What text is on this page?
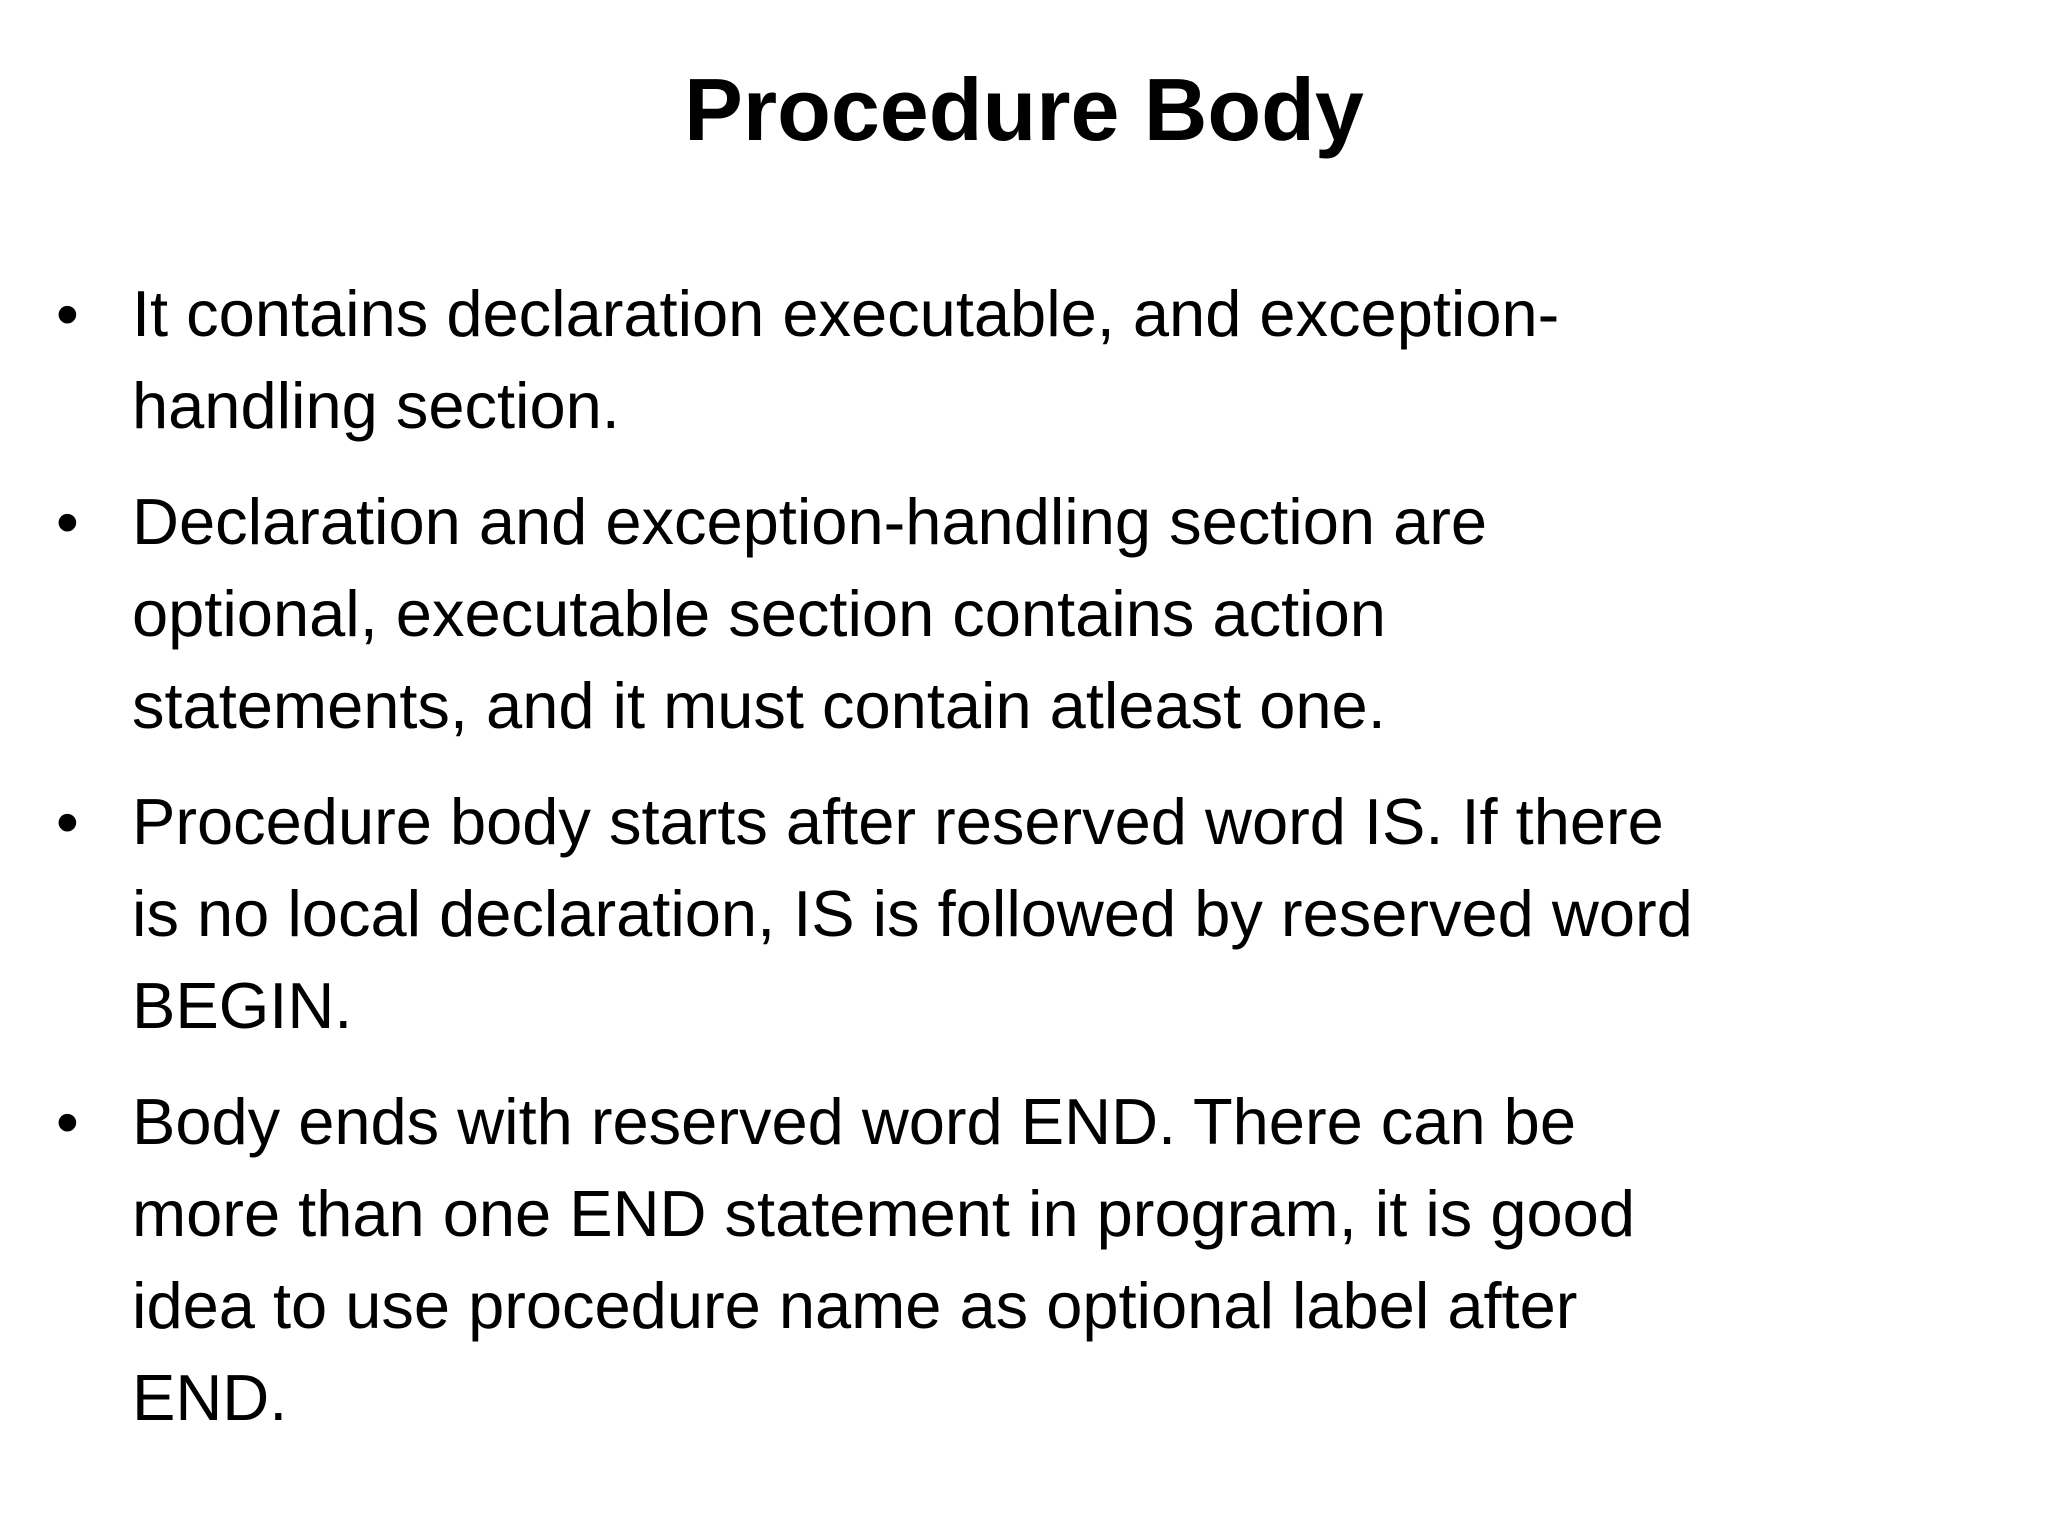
Procedure Body
• It contains declaration executable, and exception-
handling section.
• Declaration and exception-handling section are
optional, executable section contains action
statements, and it must contain atleast one.
• Procedure body starts after reserved word IS. If there
is no local declaration, IS is followed by reserved word
BEGIN.
• Body ends with reserved word END. There can be
more than one END statement in program, it is good
idea to use procedure name as optional label after
END.
